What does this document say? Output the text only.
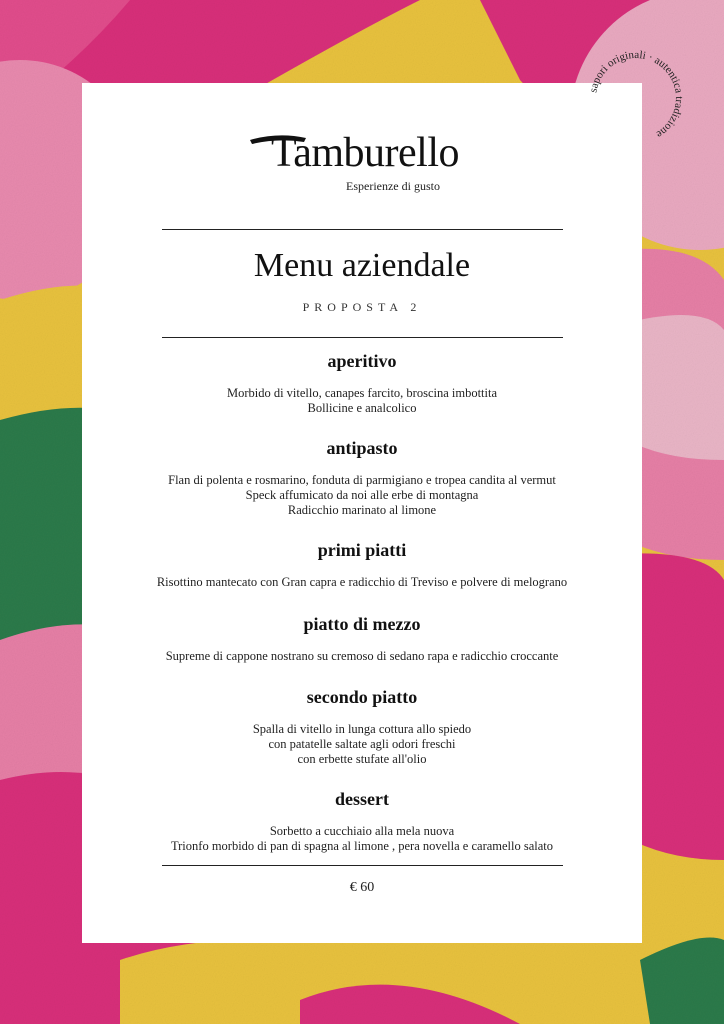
Tamburello
Esperienze di gusto
Menu aziendale
PROPOSTA 2
aperitivo
Morbido di vitello, canapes farcito, broscina imbottita
Bollicine e analcolico
antipasto
Flan di polenta e rosmarino, fonduta di parmigiano e tropea candita al vermut
Speck affumicato da noi alle erbe di montagna
Radicchio marinato al limone
primi piatti
Risottino mantecato con Gran capra e radicchio di Treviso e polvere di melograno
piatto di mezzo
Supreme di cappone nostrano su cremoso di sedano rapa e radicchio croccante
secondo piatto
Spalla di vitello in lunga cottura allo spiedo
con patatelle saltate agli odori freschi
con erbette stufate all'olio
dessert
Sorbetto a cucchiaio alla mela nuova
Trionfo morbido di pan di spagna al limone , pera novella e caramello salato
€ 60
sapori originali · autentica tradizione
